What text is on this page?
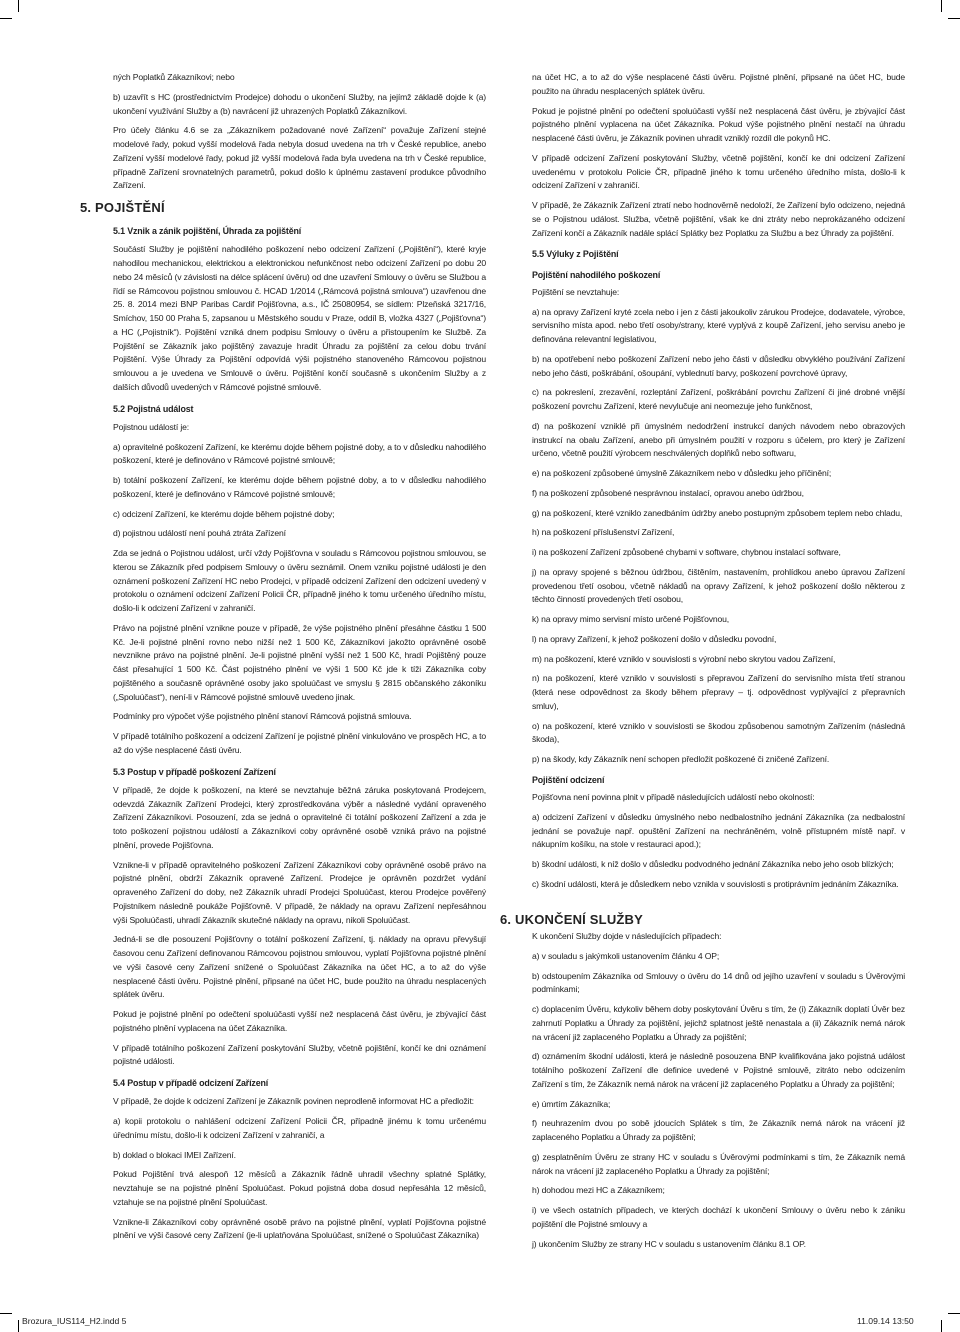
ných Poplatků Zákazníkovi; nebo

b) uzavřít s HC (prostřednictvím Prodejce) dohodu o ukončení Služby, na jejímž základě dojde k (a) ukončení využívání Služby a (b) navrácení již uhrazených Poplatků Zákazníkovi.

Pro účely článku 4.6 se za „Zákazníkem požadované nové Zařízení“ považuje Zařízení stejné modelové řady, pokud vyšší modelová řada nebyla dosud uvedena na trh v České republice, anebo Zařízení vyšší modelové řady, pokud již vyšší modelová řada byla uvedena na trh v České republice, případně Zařízení srovnatelných parametrů, pokud došlo k úplnému zastavení produkce původního Zařízení.

5. POJIŠTĚNÍ
5.1 Vznik a zánik pojištění, Úhrada za pojištění

Součástí Služby je pojištění nahodilého poškození nebo odcizení Zařízení („Pojištění“), které kryje nahodilou mechanickou, elektrickou a elektronickou nefunkčnost nebo odcizení Zařízení po dobu 20 nebo 24 měsíců (v závislosti na délce splácení úvěru) od dne uzavření Smlouvy o úvěru se Službou a řídí se Rámcovou pojistnou smlouvou č. HCAD 1/2014 („Rámcová pojistná smlouva“) uzavřenou dne 25. 8. 2014 mezi BNP Paribas Cardif Pojišťovna, a.s., IČ 25080954, se sídlem: Plzeňská 3217/16, Smíchov, 150 00 Praha 5, zapsanou u Městského soudu v Praze, oddíl B, vložka 4327 („Pojišťovna“) a HC („Pojistník“). Pojištění vzniká dnem podpisu Smlouvy o úvěru a přistoupením ke Službě. Za Pojištění se Zákazník jako pojištěný zavazuje hradit Úhradu za pojištění za celou dobu trvání Pojištění. Výše Úhrady za Pojištění odpovídá výši pojistného stanoveného Rámcovou pojistnou smlouvou a je uvedena ve Smlouvě o úvěru. Pojištění končí současně s ukončením Služby a z dalších důvodů uvedených v Rámcové pojistné smlouvě.

5.2 Pojistná událost

Pojistnou událostí je:

a) opravitelné poškození Zařízení, ke kterému dojde během pojistné doby, a to v důsledku nahodilého poškození, které je definováno v Rámcové pojistné smlouvě;

b) totální poškození Zařízení, ke kterému dojde během pojistné doby, a to v důsledku nahodilého poškození, které je definováno v Rámcové pojistné smlouvě;

c) odcizení Zařízení, ke kterému dojde během pojistné doby;

d) pojistnou událostí není pouhá ztráta Zařízení

Zda se jedná o Pojistnou událost, určí vždy Pojišťovna v souladu s Rámcovou pojistnou smlouvou, se kterou se Zákazník před podpisem Smlouvy o úvěru seznámil. Onem vzniku pojistné události je den oznámení poškození Zařízení HC nebo Prodejci, v případě odcizení Zařízení den odcizení uvedený v protokolu o oznámení odcizení Zařízení Policii ČR, případně jiného k tomu určeného úředního místu, došlo-li k odcizení Zařízení v zahraničí.

Právo na pojistné plnění vznikne pouze v případě, že výše pojistného plnění přesáhne částku 1 500 Kč. Je-li pojistné plnění rovno nebo nižší než 1 500 Kč, Zákazníkovi jakožto oprávněné osobě nevznikne právo na pojistné plnění. Je-li pojistné plnění vyšší než 1 500 Kč, hradí Pojištěný pouze část přesahující 1 500 Kč. Část pojistného plnění ve výši 1 500 Kč jde k tíži Zákazníka coby pojištěného a současně oprávněné osoby jako spoluúčast ve smyslu § 2815 občanského zákoníku („Spoluúčast“), není-li v Rámcové pojistné smlouvě uvedeno jinak.

Podmínky pro výpočet výše pojistného plnění stanoví Rámcová pojistná smlouva.

V případě totálního poškození a odcizení Zařízení je pojistné plnění vinkulováno ve prospěch HC, a to až do výše nesplacené části úvěru.

5.3 Postup v případě poškození Zařízení

V případě, že dojde k poškození, na které se nevztahuje běžná záruka poskytovaná Prodejcem, odevzdá Zákazník Zařízení Prodejci, který zprostředkována výběr a následné vydání opraveného Zařízení Zákazníkovi. Posouzení, zda se jedná o opravitelné či totální poškození Zařízení a zda je toto poškození pojistnou událostí a Zákazníkovi coby oprávněné osobě vzniká právo na pojistné plnění, provede Pojišťovna.

Vznikne-li v případě opravitelného poškození Zařízení Zákazníkovi coby oprávněné osobě právo na pojistné plnění, obdrží Zákazník opravené Zařízení. Prodejce je oprávněn pozdržet vydání opraveného Zařízení do doby, než Zákazník uhradí Prodejci Spoluúčast, kterou Prodejce pověřený Pojistníkem následně poukáže Pojišťovně. V případě, že náklady na opravu Zařízení nepřesáhnou výši Spoluúčasti, uhradí Zákazník skutečné náklady na opravu, nikoli Spoluúčast.

Jedná-li se dle posouzení Pojišťovny o totální poškození Zařízení, tj. náklady na opravu převyšují časovou cenu Zařízení definovanou Rámcovou pojistnou smlouvou, vyplatí Pojišťovna pojistné plnění ve výši časové ceny Zařízení snížené o Spoluúčast Zákazníka na účet HC, a to až do výše nesplacené části úvěru. Pojistné plnění, připsané na účet HC, bude použito na úhradu nesplacených splátek úvěru.

Pokud je pojistné plnění po odečtení spoluúčasti vyšší než nesplacená část úvěru, je zbývající část pojistného plnění vyplacena na účet Zákazníka.

V případě totálního poškození Zařízení poskytování Služby, včetně pojištění, končí ke dni oznámení pojistné události.

5.4 Postup v případě odcizení Zařízení

V případě, že dojde k odcizení Zařízení je Zákazník povinen neprodleně informovat HC a předložit:

a) kopii protokolu o nahlášení odcizení Zařízení Policii ČR, případně jinému k tomu určenému úřednímu místu, došlo-li k odcizení Zařízení v zahraničí, a

b) doklad o blokaci IMEI Zařízení.

Pokud Pojištění trvá alespoň 12 měsíců a Zákazník řádně uhradil všechny splatné Splátky, nevztahuje se na pojistné plnění Spoluúčast. Pokud pojistná doba dosud nepřesáhla 12 měsíců, vztahuje se na pojistné plnění Spoluúčast.

Vznikne-li Zákazníkovi coby oprávněné osobě právo na pojistné plnění, vyplatí Pojišťovna pojistné plnění ve výši časové ceny Zařízení (je-li uplatňována Spoluúčast, snížené o Spoluúčast Zákazníka)

na účet HC, a to až do výše nesplacené části úvěru. Pojistné plnění, připsané na účet HC, bude použito na úhradu nesplacených splátek úvěru.

Pokud je pojistné plnění po odečtení spoluúčasti vyšší než nesplacená část úvěru, je zbývající část pojistného plnění vyplacena na účet Zákazníka. Pokud výše pojistného plnění nestačí na úhradu nesplacené části úvěru, je Zákazník povinen uhradit vzniklý rozdíl dle pokynů HC.

V případě odcizení Zařízení poskytování Služby, včetně pojištění, končí ke dni odcizení Zařízení uvedenému v protokolu Policie ČR, případně jiného k tomu určeného úředního místa, došlo-li k odcizení Zařízení v zahraničí.

V případě, že Zákazník Zařízení ztratí nebo hodnověrně nedoloží, že Zařízení bylo odcizeno, nejedná se o Pojistnou událost. Služba, včetně pojištění, však ke dni ztráty nebo neprokázaného odcizení Zařízení končí a Zákazník nadále splácí Splátky bez Poplatku za Službu a bez Úhrady za pojištění.

5.5 Výluky z Pojištění
Pojištění nahodilého poškození

Pojištění se nevztahuje:

a) na opravy Zařízení kryté zcela nebo i jen z části jakoukoliv zárukou Prodejce, dodavatele, výrobce, servisního místa apod. nebo třetí osoby/strany, které vyplývá z koupě Zařízení, jeho servisu anebo je definována relevantní legislativou,

b) na opotřebení nebo poškození Zařízení nebo jeho části v důsledku obvyklého používání Zařízení nebo jeho části, poškrábání, ošoupání, vyblednutí barvy, poškození povrchové úpravy,

c) na pokreslení, zrezavění, rozleptání Zařízení, poškrábání povrchu Zařízení či jiné drobné vnější poškození povrchu Zařízení, které nevylučuje ani neomezuje jeho funkčnost,

d) na poškození vzniklé při úmyslném nedodržení instrukcí daných návodem nebo obrazových instrukcí na obalu Zařízení, anebo při úmyslném použití v rozporu s účelem, pro který je Zařízení určeno, včetně použití výrobcem neschválených doplňků nebo softwaru,

e) na poškození způsobené úmyslně Zákazníkem nebo v důsledku jeho příčinění;

f) na poškození způsobené nesprávnou instalací, opravou anebo údržbou,

g) na poškození, které vzniklo zanedbáním údržby anebo postupným způsobem teplem nebo chladu,

h) na poškození příslušenství Zařízení,

i) na poškození Zařízení způsobené chybami v software, chybnou instalací software,

j) na opravy spojené s běžnou údržbou, čištěním, nastavením, prohlídkou anebo úpravou Zařízení provedenou třetí osobou, včetně nákladů na opravy Zařízení, k jehož poškození došlo některou z těchto činností provedených třetí osobou,

k) na opravy mimo servisní místo určené Pojišťovnou,

l) na opravy Zařízení, k jehož poškození došlo v důsledku povodní,

m) na poškození, které vzniklo v souvislosti s výrobní nebo skrytou vadou Zařízení,

n) na poškození, které vzniklo v souvislosti s přepravou Zařízení do servisního místa třetí stranou (která nese odpovědnost za škody během přepravy – tj. odpovědnost vyplývající z přepravních smluv),

o) na poškození, které vzniklo v souvislosti se škodou způsobenou samotným Zařízením (následná škoda),

p) na škody, kdy Zákazník není schopen předložit poškozené či zničené Zařízení.

Pojištění odcizení

Pojišťovna není povinna plnit v případě následujících událostí nebo okolností:

a) odcizení Zařízení v důsledku úmyslného nebo nedbalostního jednání Zákazníka (za nedbalostní jednání se považuje např. opuštění Zařízení na nechráněném, volně přístupném místě např. v nákupním košíku, na stole v restauraci apod.);

b) škodní události, k níž došlo v důsledku podvodného jednání Zákazníka nebo jeho osob blízkých;

c) škodní události, která je důsledkem nebo vznikla v souvislosti s protiprávním jednáním Zákazníka.

6. UKONČENÍ SLUŽBY

K ukončení Služby dojde v následujících případech:

a) v souladu s jakýmkoli ustanovením článku 4 OP;

b) odstoupením Zákazníka od Smlouvy o úvěru do 14 dnů od jejího uzavření v souladu s Úvěrovými podmínkami;

c) doplacením Úvěru, kdykoliv během doby poskytování Úvěru s tím, že (i) Zákazník doplatí Úvěr bez zahrnutí Poplatku a Úhrady za pojištění, jejichž splatnost ještě nenastala a (ii) Zákazník nemá nárok na vrácení již zaplaceného Poplatku a Úhrady za pojištění;

d) oznámením škodní události, která je následně posouzena BNP kvalifikována jako pojistná událost totálního poškození Zařízení dle definice uvedené v Pojistné smlouvě, zitráto nebo odcizením Zařízení s tím, že Zákazník nemá nárok na vrácení již zaplaceného Poplatku a Úhrady za pojištění;

e) úmrtím Zákazníka;

f) neuhrazením dvou po sobě jdoucích Splátek s tím, že Zákazník nemá nárok na vrácení již zaplaceného Poplatku a Úhrady za pojištění;

g) zesplatněním Úvěru ze strany HC v souladu s Úvěrovými podmínkami s tím, že Zákazník nemá nárok na vrácení již zaplaceného Poplatku a Úhrady za pojištění;

h) dohodou mezi HC a Zákazníkem;

i) ve všech ostatních případech, ve kterých dochází k ukončení Smlouvy o úvěru nebo k zániku pojištění dle Pojistné smlouvy a

j) ukončením Služby ze strany HC v souladu s ustanovením článku 8.1 OP.

Brozura_IUS114_H2.indd 5	11.09.14 13:50
